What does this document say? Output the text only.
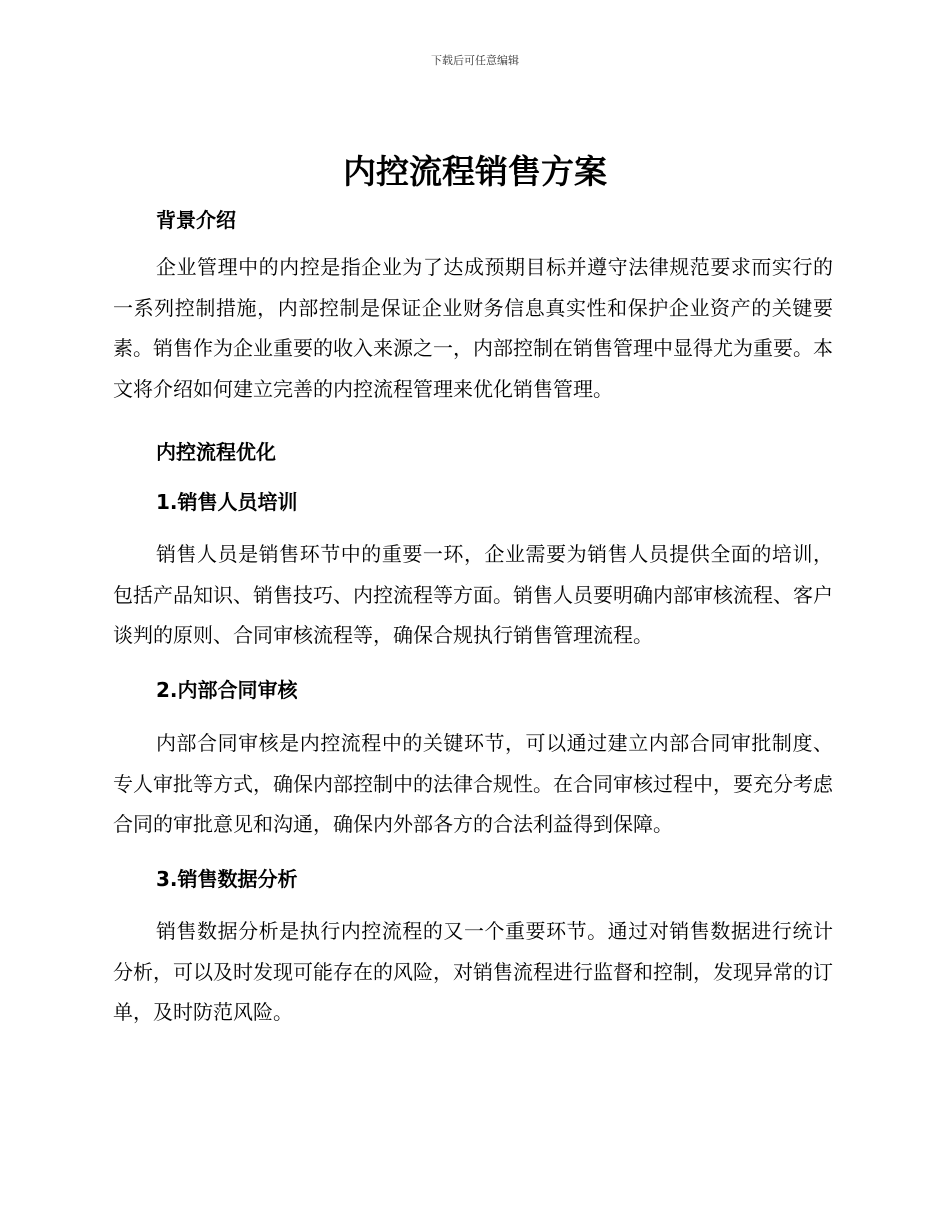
下载后可任意编辑
内控流程销售方案
背景介绍

企业管理中的内控是指企业为了达成预期目标并遵守法律规范要求而实行的一系列控制措施，内部控制是保证企业财务信息真实性和保护企业资产的关键要素。销售作为企业重要的收入来源之一，内部控制在销售管理中显得尤为重要。本文将介绍如何建立完善的内控流程管理来优化销售管理。

内控流程优化
1.销售人员培训

销售人员是销售环节中的重要一环，企业需要为销售人员提供全面的培训，包括产品知识、销售技巧、内控流程等方面。销售人员要明确内部审核流程、客户谈判的原则、合同审核流程等，确保合规执行销售管理流程。

2.内部合同审核

内部合同审核是内控流程中的关键环节，可以通过建立内部合同审批制度、专人审批等方式，确保内部控制中的法律合规性。在合同审核过程中，要充分考虑合同的审批意见和沟通，确保内外部各方的合法利益得到保障。

3.销售数据分析

销售数据分析是执行内控流程的又一个重要环节。通过对销售数据进行统计分析，可以及时发现可能存在的风险，对销售流程进行监督和控制，发现异常的订单，及时防范风险。
